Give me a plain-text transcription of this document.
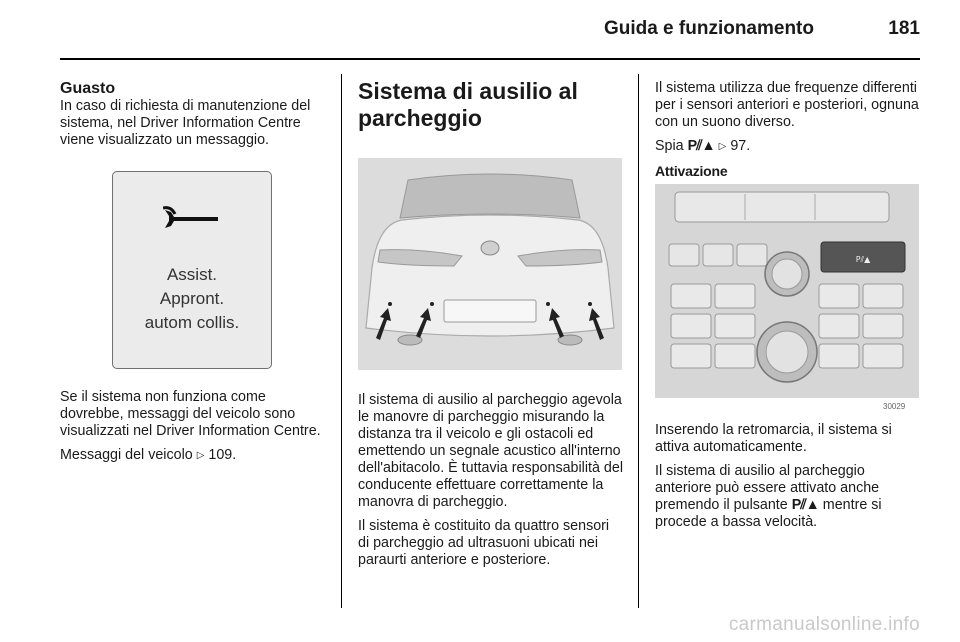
Guida e funzionamento	181
Guasto

In caso di richiesta di manutenzione del sistema, nel Driver Information Centre viene visualizzato un messaggio.

Assist.
Appront.
autom collis.

Se il sistema non funziona come dovrebbe, messaggi del veicolo sono visualizzati nel Driver Information Centre.

Messaggi del veicolo ▷ 109.

Sistema di ausilio al parcheggio

Il sistema di ausilio al parcheggio agevola le manovre di parcheggio misurando la distanza tra il veicolo e gli ostacoli ed emettendo un segnale acustico all'interno dell'abitacolo. È tuttavia responsabilità del conducente effettuare correttamente la manovra di parcheggio.

Il sistema è costituito da quattro sensori di parcheggio ad ultrasuoni ubicati nei paraurti anteriore e posteriore.

Il sistema utilizza due frequenze differenti per i sensori anteriori e posteriori, ognuna con un suono diverso.

Spia P⫽▲ ▷ 97.

Attivazione
P⫽▲
30029

Inserendo la retromarcia, il sistema si attiva automaticamente.

Il sistema di ausilio al parcheggio anteriore può essere attivato anche premendo il pulsante P⫽▲ mentre si procede a bassa velocità.

carmanualsonline.info
